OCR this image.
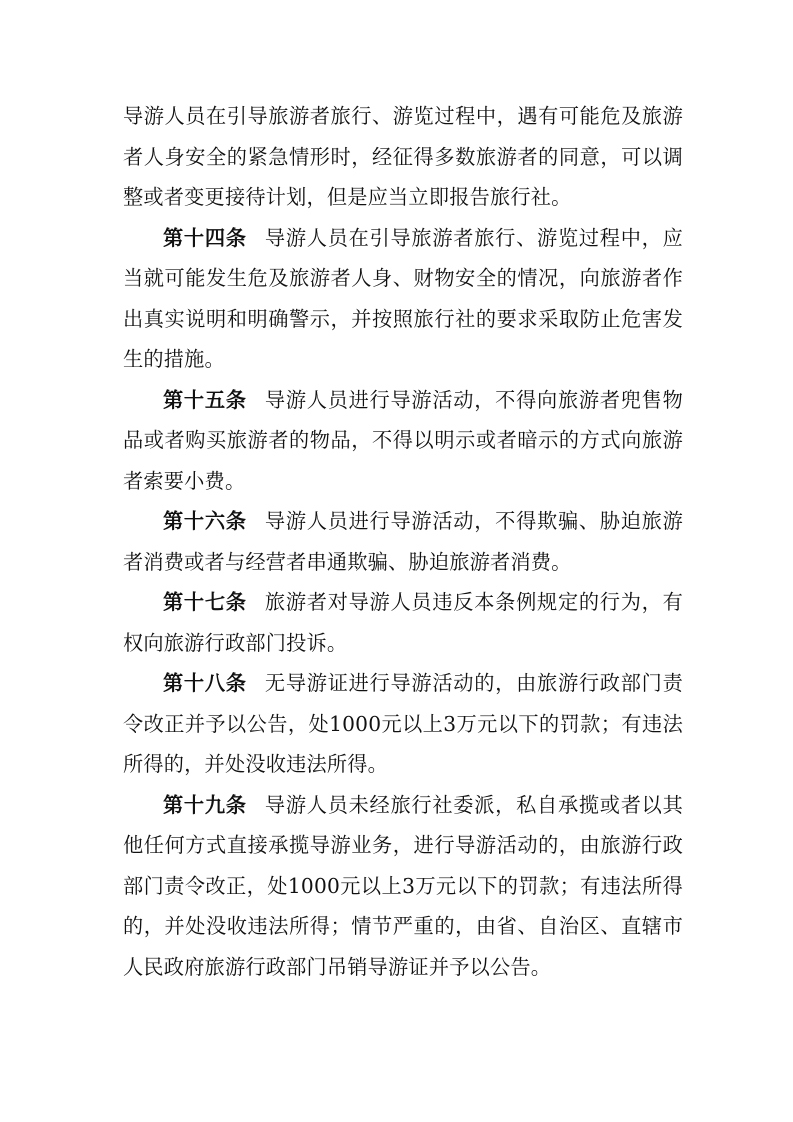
导游人员在引导旅游者旅行、游览过程中，遇有可能危及旅游者人身安全的紧急情形时，经征得多数旅游者的同意，可以调整或者变更接待计划，但是应当立即报告旅行社。

第十四条 导游人员在引导旅游者旅行、游览过程中，应当就可能发生危及旅游者人身、财物安全的情况，向旅游者作出真实说明和明确警示，并按照旅行社的要求采取防止危害发生的措施。

第十五条 导游人员进行导游活动，不得向旅游者兜售物品或者购买旅游者的物品，不得以明示或者暗示的方式向旅游者索要小费。

第十六条 导游人员进行导游活动，不得欺骗、胁迫旅游者消费或者与经营者串通欺骗、胁迫旅游者消费。

第十七条 旅游者对导游人员违反本条例规定的行为，有权向旅游行政部门投诉。

第十八条 无导游证进行导游活动的，由旅游行政部门责令改正并予以公告，处1000元以上3万元以下的罚款；有违法所得的，并处没收违法所得。

第十九条 导游人员未经旅行社委派，私自承揽或者以其他任何方式直接承揽导游业务，进行导游活动的，由旅游行政部门责令改正，处1000元以上3万元以下的罚款；有违法所得的，并处没收违法所得；情节严重的，由省、自治区、直辖市人民政府旅游行政部门吊销导游证并予以公告。
